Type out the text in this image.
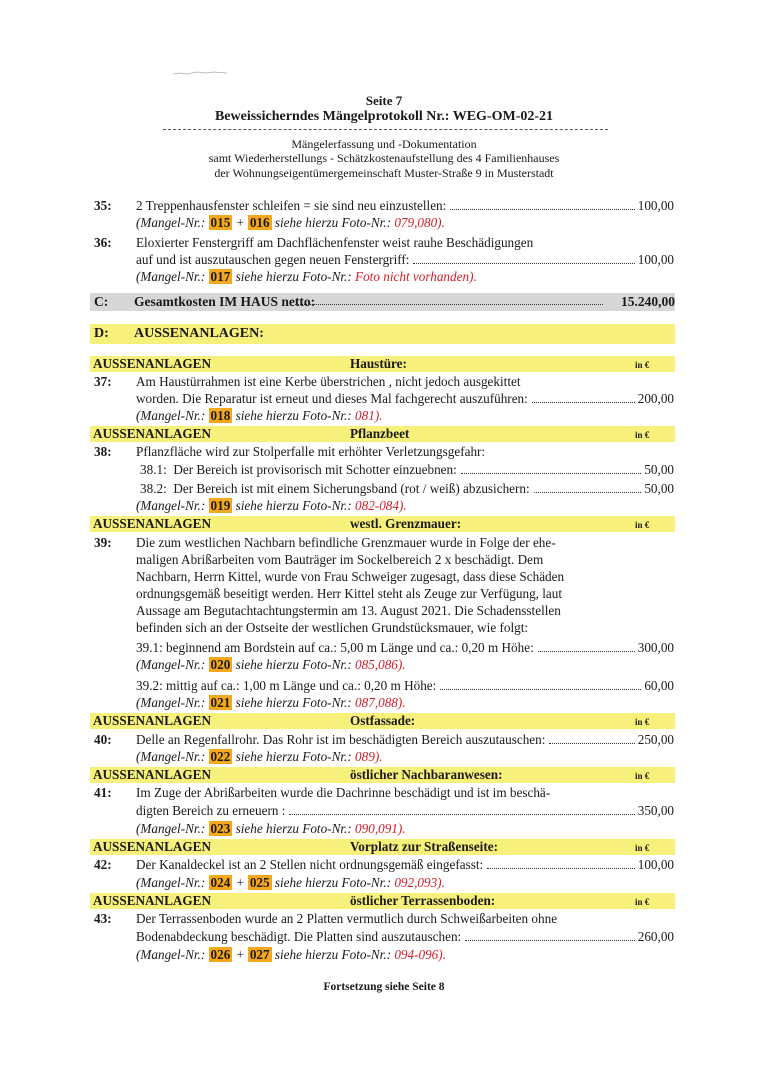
Seite 7
Beweissicherndes Mängelprotokoll Nr.: WEG-OM-02-21
Mängelerfassung und -Dokumentation
samt Wiederherstellungs - Schätzkostenaufstellung des 4 Familienhauses
der Wohnungseigentümergemeinschaft Muster-Straße 9 in Musterstadt
35: 2 Treppenhausfenster schleifen = sie sind neu einzustellen:	100,00
(Mangel-Nr.: 015 + 016 siehe hierzu Foto-Nr.: 079,080).
36: Eloxierter Fenstergriff am Dachflächenfenster weist rauhe Beschädigungen
auf und ist auszutauschen gegen neuen Fenstergriff:	100,00
(Mangel-Nr.: 017 siehe hierzu Foto-Nr.: Foto nicht vorhanden).
C: Gesamtkosten IM HAUS netto:	15.240,00
D: AUSSENANLAGEN:
AUSSENANLAGEN	Haustüre:	in €
37: Am Haustürrahmen ist eine Kerbe überstrichen , nicht jedoch ausgekittet
worden. Die Reparatur ist erneut und dieses Mal fachgerecht auszuführen:	200,00
(Mangel-Nr.: 018 siehe hierzu Foto-Nr.: 081).
AUSSENANLAGEN	Pflanzbeet	in €
38: Pflanzfläche wird zur Stolperfalle mit erhöhter Verletzungsgefahr:
38.1: Der Bereich ist provisorisch mit Schotter einzuebnen:	50,00
38.2: Der Bereich ist mit einem Sicherungsband (rot / weiß) abzusichern:	50,00
(Mangel-Nr.: 019 siehe hierzu Foto-Nr.: 082-084).
AUSSENANLAGEN	westl. Grenzmauer:	in €
39: Die zum westlichen Nachbarn befindliche Grenzmauer wurde in Folge der ehe-
maligen Abrißarbeiten vom Bauträger im Sockelbereich 2 x beschädigt. Dem
Nachbarn, Herrn Kittel, wurde von Frau Schweiger zugesagt, dass diese Schäden
ordnungsgemäß beseitigt werden. Herr Kittel steht als Zeuge zur Verfügung, laut
Aussage am Begutachtachtungstermin am 13. August 2021. Die Schadensstellen
befinden sich an der Ostseite der westlichen Grundstücksmauer, wie folgt:
39.1: beginnend am Bordstein auf ca.: 5,00 m Länge und ca.: 0,20 m Höhe:	300,00
(Mangel-Nr.: 020 siehe hierzu Foto-Nr.: 085,086).
39.2: mittig auf ca.: 1,00 m Länge und ca.: 0,20 m Höhe:	60,00
(Mangel-Nr.: 021 siehe hierzu Foto-Nr.: 087,088).
AUSSENANLAGEN	Ostfassade:	in €
40: Delle an Regenfallrohr. Das Rohr ist im beschädigten Bereich auszutauschen:	250,00
(Mangel-Nr.: 022 siehe hierzu Foto-Nr.: 089).
AUSSENANLAGEN	östlicher Nachbaranwesen:	in €
41: Im Zuge der Abrißarbeiten wurde die Dachrinne beschädigt und ist im beschä-
digten Bereich zu erneuern :	350,00
(Mangel-Nr.: 023 siehe hierzu Foto-Nr.: 090,091).
AUSSENANLAGEN	Vorplatz zur Straßenseite:	in €
42: Der Kanaldeckel ist an 2 Stellen nicht ordnungsgemäß eingefasst:	100,00
(Mangel-Nr.: 024 + 025 siehe hierzu Foto-Nr.: 092,093).
AUSSENANLAGEN	östlicher Terrassenboden:	in €
43: Der Terrassenboden wurde an 2 Platten vermutlich durch Schweißarbeiten ohne
Bodenabdeckung beschädigt. Die Platten sind auszutauschen:	260,00
(Mangel-Nr.: 026 + 027 siehe hierzu Foto-Nr.: 094-096).
Fortsetzung siehe Seite 8
